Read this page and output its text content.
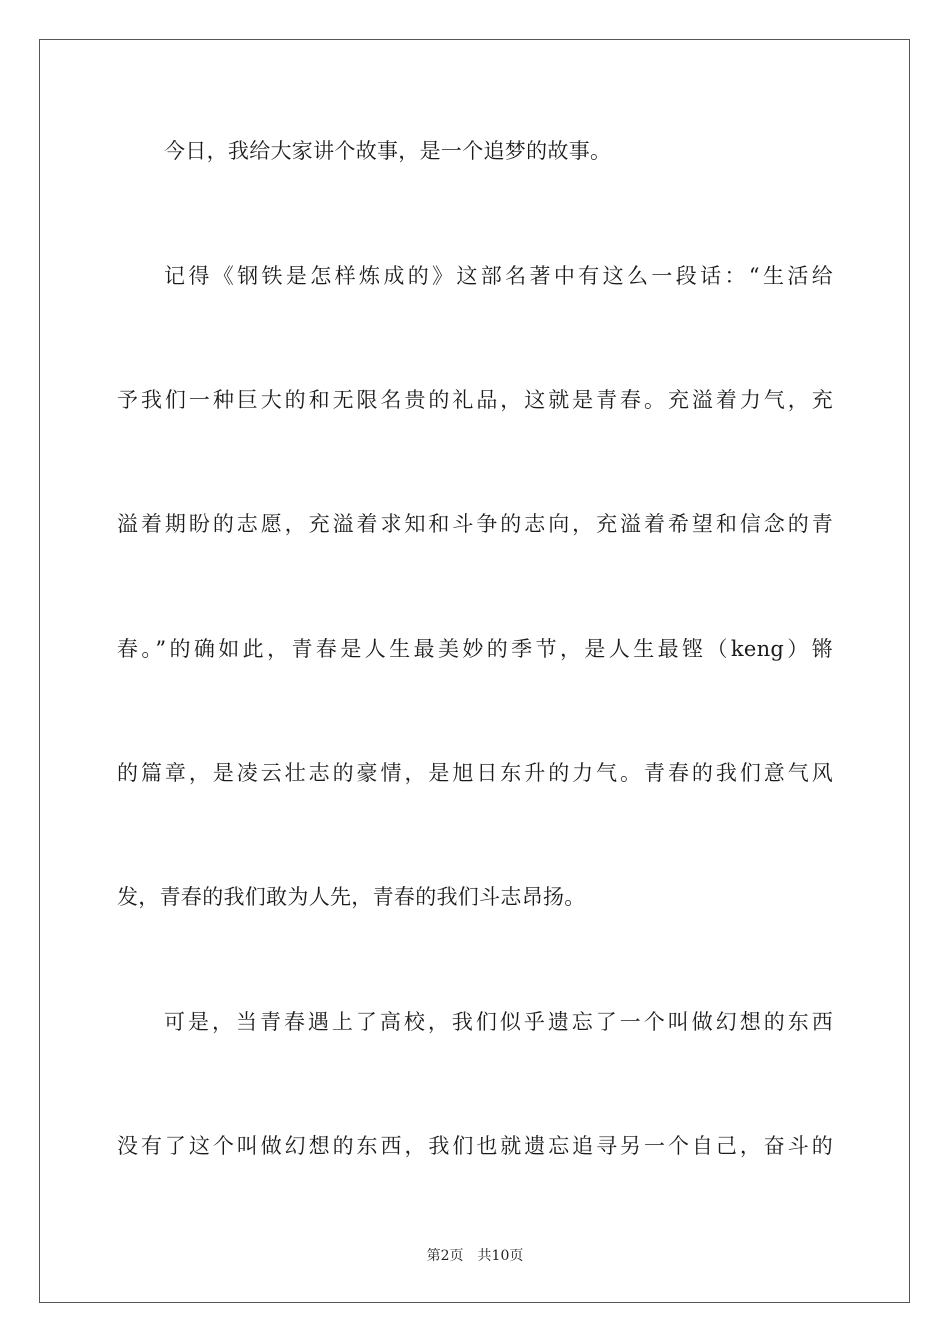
今日，我给大家讲个故事，是一个追梦的故事。
记得《钢铁是怎样炼成的》这部名著中有这么一段话：“生活给
予我们一种巨大的和无限名贵的礼品，这就是青春。充溢着力气，充
溢着期盼的志愿，充溢着求知和斗争的志向，充溢着希望和信念的青
春。”的确如此，青春是人生最美妙的季节，是人生最铿（keng）锵
的篇章，是凌云壮志的豪情，是旭日东升的力气。青春的我们意气风
发，青春的我们敢为人先，青春的我们斗志昂扬。
可是，当青春遇上了高校，我们似乎遗忘了一个叫做幻想的东西
没有了这个叫做幻想的东西，我们也就遗忘追寻另一个自己，奋斗的
第2页 共10页
